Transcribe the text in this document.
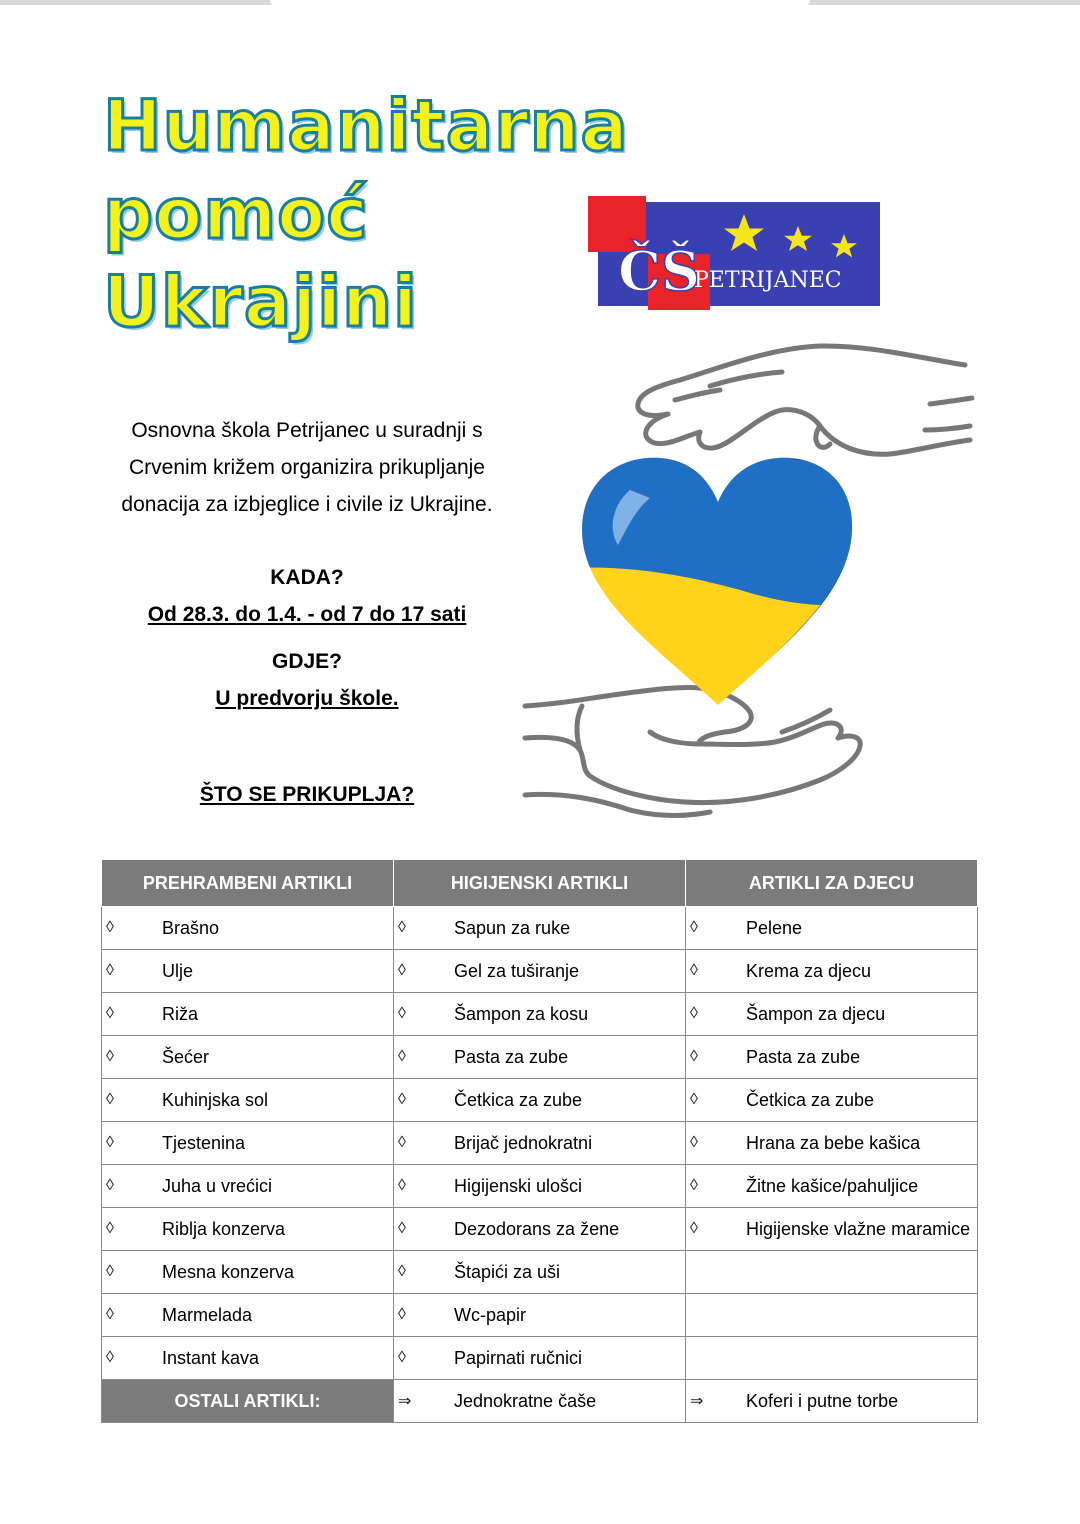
Humanitarna
pomoć
Ukrajini	ČŠ
PETRIJANEC
Osnovna škola Petrijanec u suradnji s
Crvenim križem organizira prikupljanje
donacija za izbjeglice i civile iz Ukrajine.
KADA?
Od 28.3. do 1.4. - od 7 do 17 sati
GDJE?
U predvorju škole.
ŠTO SE PRIKUPLJA?
PREHRAMBENI ARTIKLI	HIGIJENSKI ARTIKLI	ARTIKLI ZA DJECU

◊ Brašno	◊ Sapun za ruke	◊ Pelene

◊ Ulje	◊ Gel za tuširanje	◊ Krema za djecu

◊ Riža	◊ Šampon za kosu	◊ Šampon za djecu

◊ Šećer	◊ Pasta za zube	◊ Pasta za zube

◊ Kuhinjska sol	◊ Četkica za zube	◊ Četkica za zube

◊ Tjestenina	◊ Brijač jednokratni	◊ Hrana za bebe kašica

◊ Juha u vrećici	◊ Higijenski ulošci	◊ Žitne kašice/pahuljice

◊ Riblja konzerva	◊ Dezodorans za žene	◊ Higijenske vlažne maramice

◊ Mesna konzerva	◊ Štapići za uši	

◊ Marmelada	◊ Wc-papir	

◊ Instant kava	◊ Papirnati ručnici	

OSTALI ARTIKLI:	⇒ Jednokratne čaše	⇒ Koferi i putne torbe
